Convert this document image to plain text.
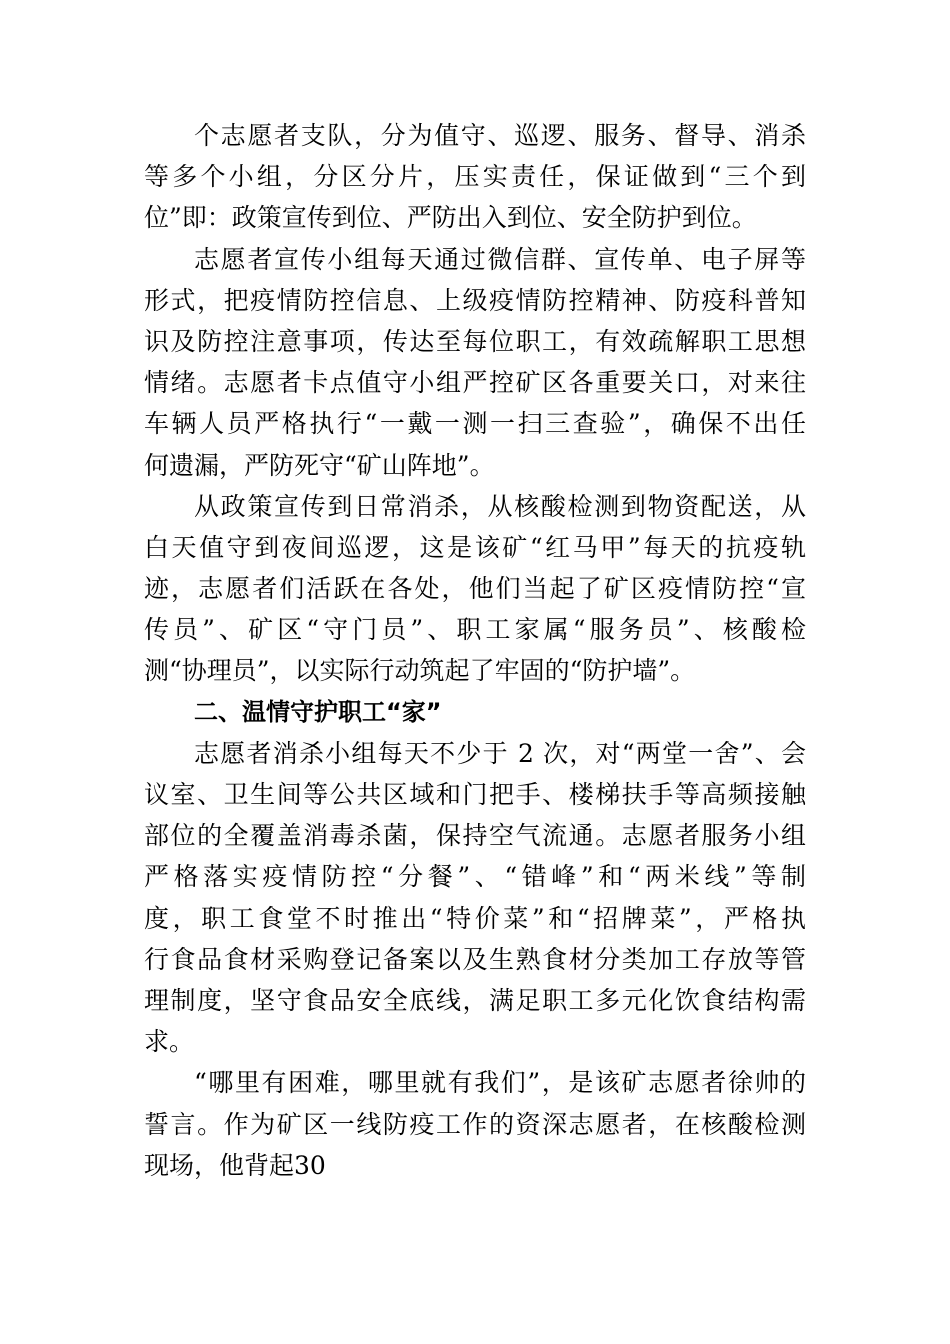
个志愿者支队，分为值守、巡逻、服务、督导、消杀
等多个小组，分区分片，压实责任，保证做到“三个到
位”即：政策宣传到位、严防出入到位、安全防护到位。
志愿者宣传小组每天通过微信群、宣传单、电子屏等
形式，把疫情防控信息、上级疫情防控精神、防疫科普知
识及防控注意事项，传达至每位职工，有效疏解职工思想
情绪。志愿者卡点值守小组严控矿区各重要关口，对来往
车辆人员严格执行“一戴一测一扫三查验”，确保不出任
何遗漏，严防死守“矿山阵地”。
从政策宣传到日常消杀，从核酸检测到物资配送，从
白天值守到夜间巡逻，这是该矿“红马甲”每天的抗疫轨
迹，志愿者们活跃在各处，他们当起了矿区疫情防控“宣
传员”、矿区“守门员”、职工家属“服务员”、核酸检
测“协理员”，以实际行动筑起了牢固的“防护墙”。
二、温情守护职工“家”
志愿者消杀小组每天不少于 2 次，对“两堂一舍”、会
议室、卫生间等公共区域和门把手、楼梯扶手等高频接触
部位的全覆盖消毒杀菌，保持空气流通。志愿者服务小组
严格落实疫情防控“分餐”、“错峰”和“两米线”等制
度，职工食堂不时推出“特价菜”和“招牌菜”，严格执
行食品食材采购登记备案以及生熟食材分类加工存放等管
理制度，坚守食品安全底线，满足职工多元化饮食结构需
求。
“哪里有困难，哪里就有我们”，是该矿志愿者徐帅的
誓言。作为矿区一线防疫工作的资深志愿者，在核酸检测
现场，他背起30
